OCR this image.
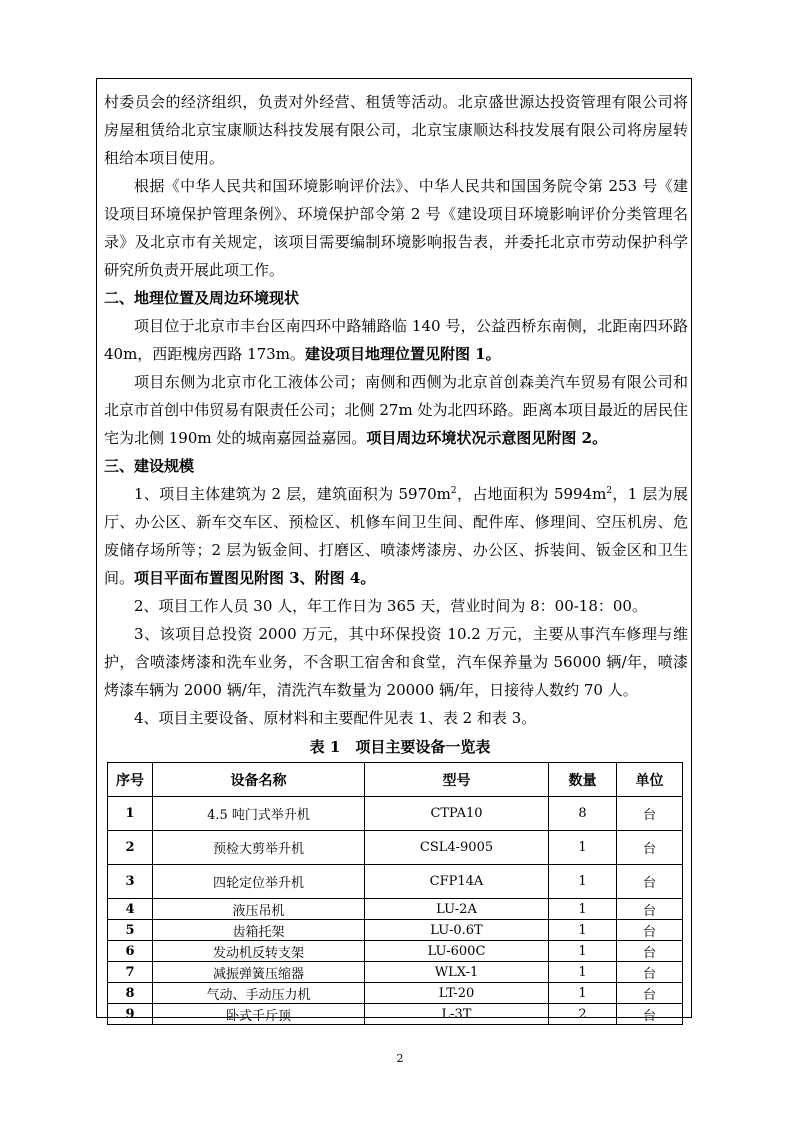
村委员会的经济组织，负责对外经营、租赁等活动。北京盛世源达投资管理有限公司将房屋租赁给北京宝康顺达科技发展有限公司，北京宝康顺达科技发展有限公司将房屋转租给本项目使用。

根据《中华人民共和国环境影响评价法》、中华人民共和国国务院令第 253 号《建设项目环境保护管理条例》、环境保护部令第 2 号《建设项目环境影响评价分类管理名录》及北京市有关规定，该项目需要编制环境影响报告表，并委托北京市劳动保护科学研究所负责开展此项工作。

二、地理位置及周边环境现状

项目位于北京市丰台区南四环中路辅路临 140 号，公益西桥东南侧，北距南四环路 40m，西距槐房西路 173m。建设项目地理位置见附图 1。

项目东侧为北京市化工液体公司；南侧和西侧为北京首创森美汽车贸易有限公司和北京市首创中伟贸易有限责任公司；北侧 27m 处为北四环路。距离本项目最近的居民住宅为北侧 190m 处的城南嘉园益嘉园。项目周边环境状况示意图见附图 2。

三、建设规模

1、项目主体建筑为 2 层，建筑面积为 $5970m^2$，占地面积为 $5994m^2$，1 层为展厅、办公区、新车交车区、预检区、机修车间卫生间、配件库、修理间、空压机房、危废储存场所等；2 层为钣金间、打磨区、喷漆烤漆房、办公区、拆装间、钣金区和卫生间。项目平面布置图见附图 3、附图 4。

2、项目工作人员 30 人，年工作日为 365 天，营业时间为 8：00-18：00。

3、该项目总投资 2000 万元，其中环保投资 10.2 万元，主要从事汽车修理与维护，含喷漆烤漆和洗车业务，不含职工宿舍和食堂，汽车保养量为 56000 辆/年，喷漆烤漆车辆为 2000 辆/年，清洗汽车数量为 20000 辆/年，日接待人数约 70 人。

4、项目主要设备、原材料和主要配件见表 1、表 2 和表 3。

表 1　项目主要设备一览表
序号	设备名称	型号	数量	单位
1	4.5 吨门式举升机	CTPA10	8	台
2	预检大剪举升机	CSL4-9005	1	台
3	四轮定位举升机	CFP14A	1	台
4	液压吊机	LU-2A	1	台
5	齿箱托架	LU-0.6T	1	台
6	发动机反转支架	LU-600C	1	台
7	减振弹簧压缩器	WLX-1	1	台
8	气动、手动压力机	LT-20	1	台
9	卧式千斤顶	L-3T	2	台
2
